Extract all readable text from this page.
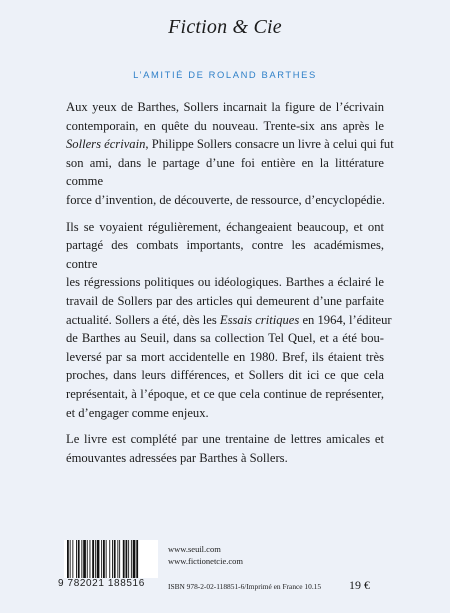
Fiction & Cie
L’AMITIÉ DE ROLAND BARTHES

Aux yeux de Barthes, Sollers incarnait la figure de l’écrivain
contemporain, en quête du nouveau. Trente-six ans après le
Sollers écrivain, Philippe Sollers consacre un livre à celui qui fut
son ami, dans le partage d’une foi entière en la littérature comme
force d’invention, de découverte, de ressource, d’encyclopédie.

Ils se voyaient régulièrement, échangeaient beaucoup, et ont
partagé des combats importants, contre les académismes, contre
les régressions politiques ou idéologiques. Barthes a éclairé le
travail de Sollers par des articles qui demeurent d’une parfaite
actualité. Sollers a été, dès les Essais critiques en 1964, l’éditeur
de Barthes au Seuil, dans sa collection Tel Quel, et a été bou-
leversé par sa mort accidentelle en 1980. Bref, ils étaient très
proches, dans leurs différences, et Sollers dit ici ce que cela
représentait, à l’époque, et ce que cela continue de représenter,
et d’engager comme enjeux.

Le livre est complété par une trentaine de lettres amicales et
émouvantes adressées par Barthes à Sollers.

9 782021 188516
www.seuil.com
www.fictionetcie.com
ISBN 978-2-02-118851-6/Imprimé en France 10.15 19 €
